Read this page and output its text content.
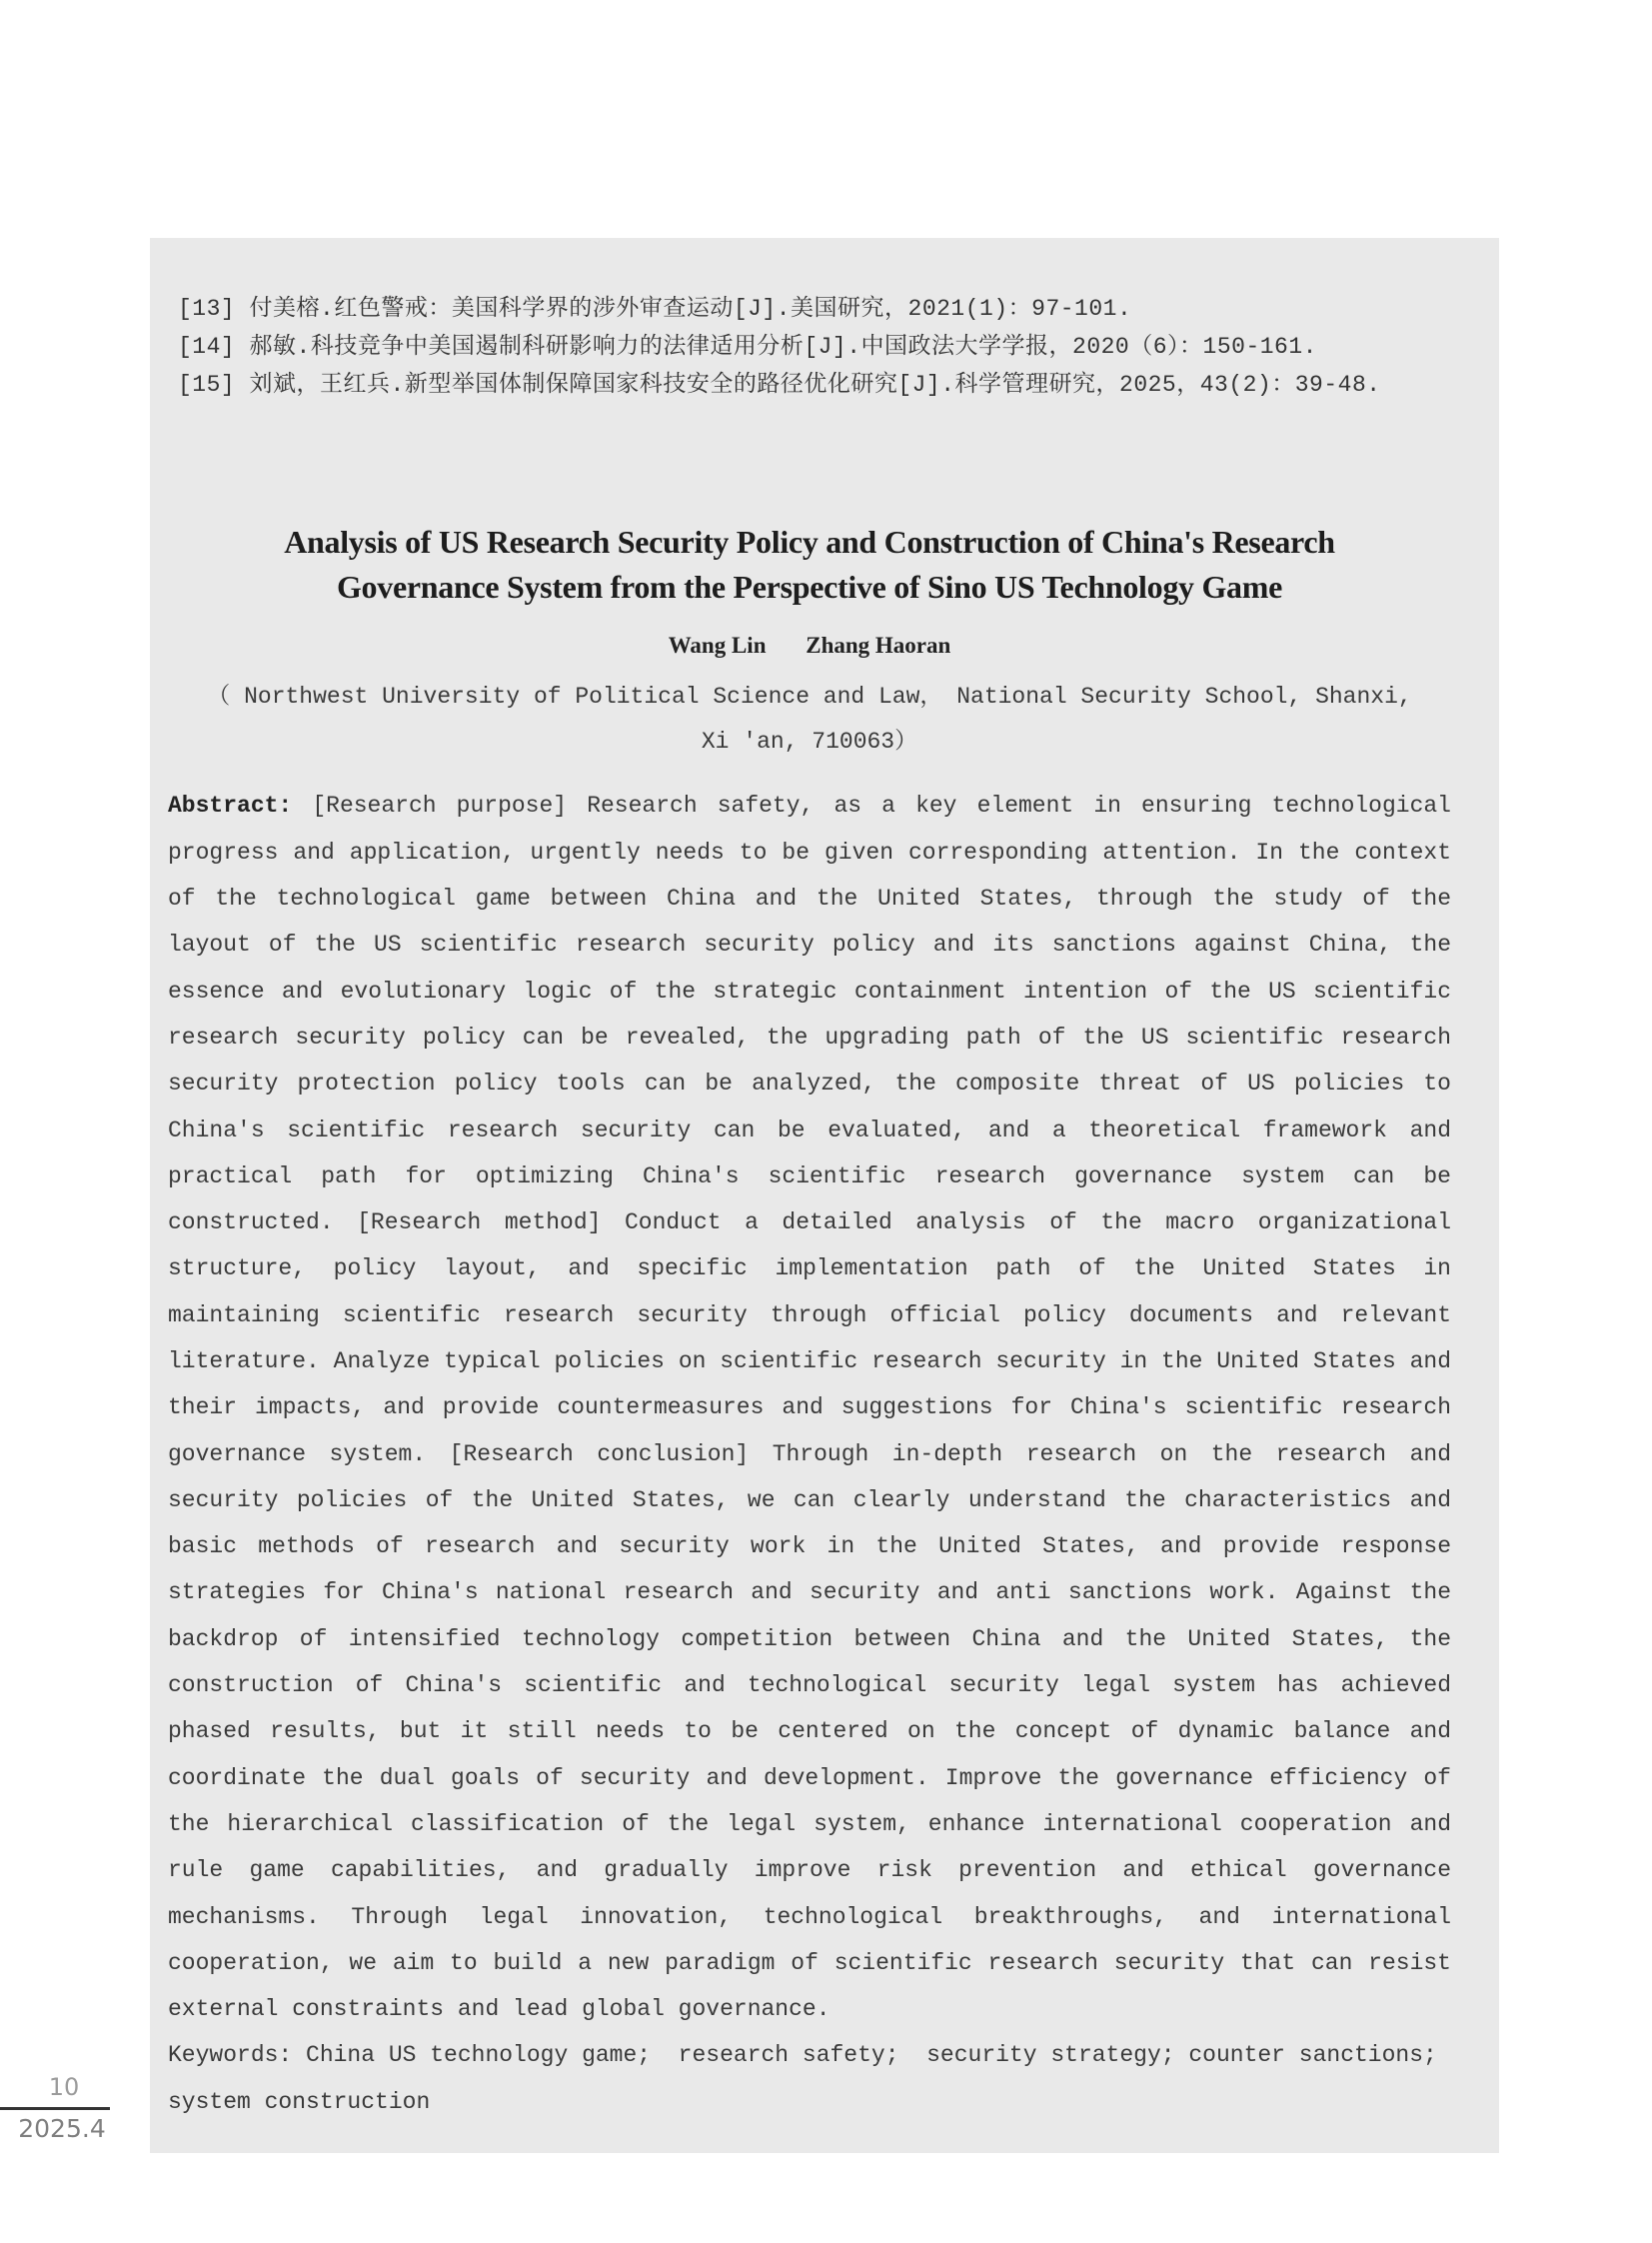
[13] 付美榕.红色警戒：美国科学界的涉外审查运动[J].美国研究，2021(1)：97-101.
[14] 郝敏.科技竞争中美国遏制科研影响力的法律适用分析[J].中国政法大学学报，2020（6）：150-161.
[15] 刘斌，王红兵.新型举国体制保障国家科技安全的路径优化研究[J].科学管理研究，2025，43(2)：39-48.
Analysis of US Research Security Policy and Construction of China's Research Governance System from the Perspective of Sino US Technology Game
Wang Lin Zhang Haoran
（ Northwest University of Political Science and Law， National Security School, Shanxi,
Xi 'an, 710063）
Abstract: [Research purpose] Research safety, as a key element in ensuring technological progress and application, urgently needs to be given corresponding attention. In the context of the technological game between China and the United States, through the study of the layout of the US scientific research security policy and its sanctions against China, the essence and evolutionary logic of the strategic containment intention of the US scientific research security policy can be revealed, the upgrading path of the US scientific research security protection policy tools can be analyzed, the composite threat of US policies to China's scientific research security can be evaluated, and a theoretical framework and practical path for optimizing China's scientific research governance system can be constructed. [Research method] Conduct a detailed analysis of the macro organizational structure, policy layout, and specific implementation path of the United States in maintaining scientific research security through official policy documents and relevant literature. Analyze typical policies on scientific research security in the United States and their impacts, and provide countermeasures and suggestions for China's scientific research governance system. [Research conclusion] Through in-depth research on the research and security policies of the United States, we can clearly understand the characteristics and basic methods of research and security work in the United States, and provide response strategies for China's national research and security and anti sanctions work. Against the backdrop of intensified technology competition between China and the United States, the construction of China's scientific and technological security legal system has achieved phased results, but it still needs to be centered on the concept of dynamic balance and coordinate the dual goals of security and development. Improve the governance efficiency of the hierarchical classification of the legal system, enhance international cooperation and rule game capabilities, and gradually improve risk prevention and ethical governance mechanisms. Through legal innovation, technological breakthroughs, and international cooperation, we aim to build a new paradigm of scientific research security that can resist external constraints and lead global governance.
Keywords: China US technology game;  research safety;  security strategy; counter sanctions; system construction
10
2025.4
